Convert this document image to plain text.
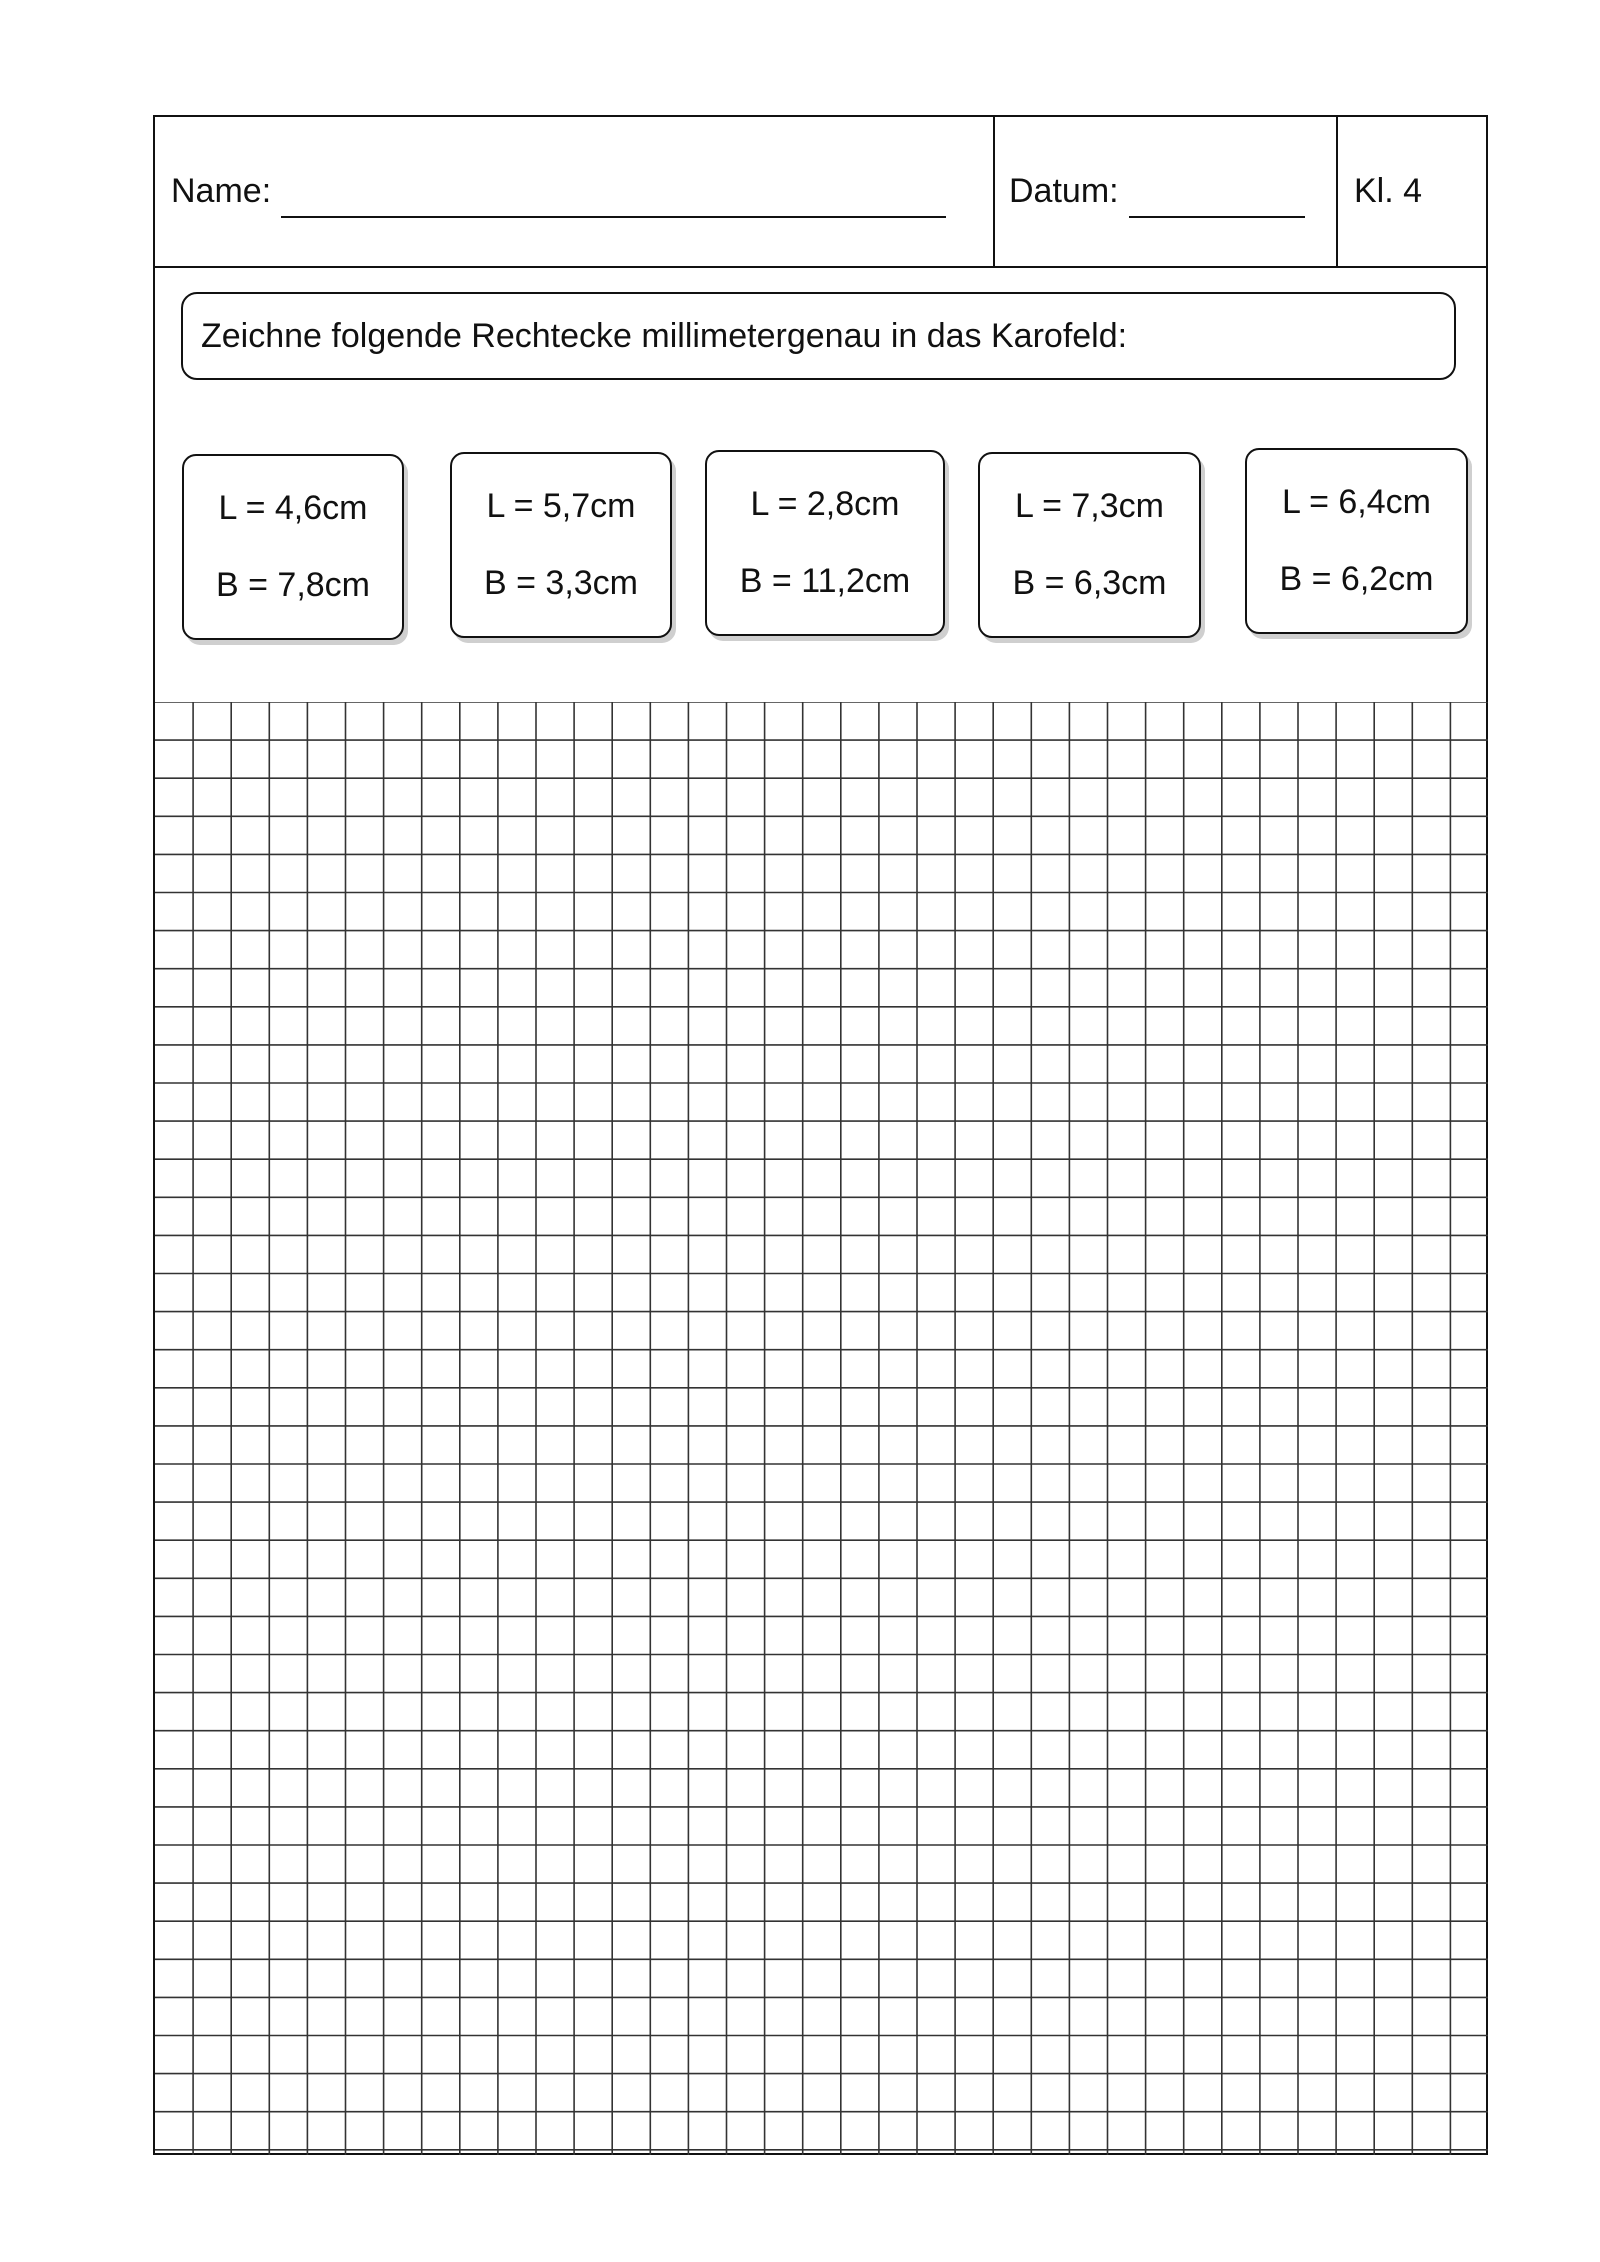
Name:	Datum:	Kl. 4
Zeichne folgende Rechtecke millimetergenau in das Karofeld:
L = 4,6cm
B = 7,8cm
L = 5,7cm
B = 3,3cm
L = 2,8cm
B = 11,2cm
L = 7,3cm
B = 6,3cm
L = 6,4cm
B = 6,2cm
